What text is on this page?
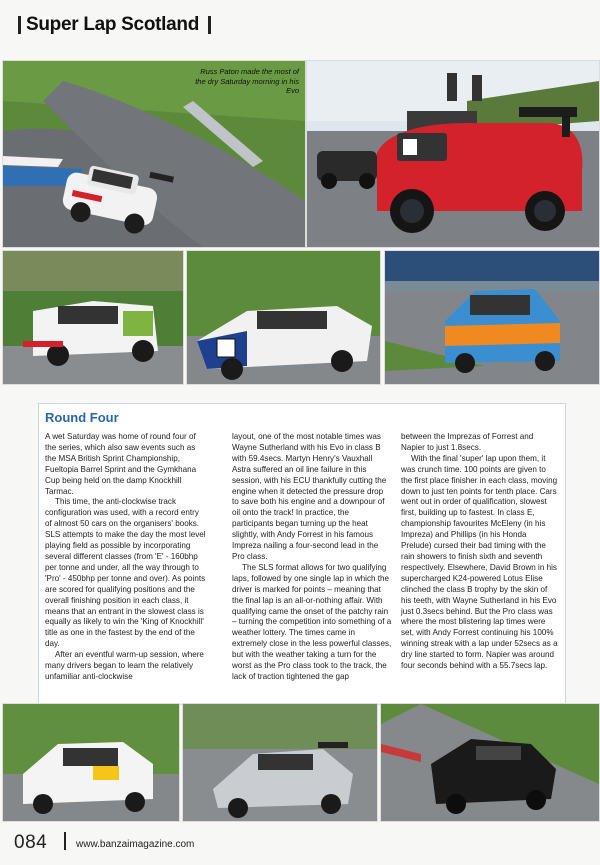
Super Lap Scotland
Russ Paton made the most of the dry Saturday morning in his Evo
Round Four

A wet Saturday was home of round four of the series, which also saw events such as the MSA British Sprint Championship, Fueltopia Barrel Sprint and the Gymkhana Cup being held on the damp Knockhill Tarmac.

This time, the anti-clockwise track configuration was used, with a record entry of almost 50 cars on the organisers' books. SLS attempts to make the day the most level playing field as possible by incorporating several different classes (from 'E' - 160bhp per tonne and under, all the way through to 'Pro' - 450bhp per tonne and over). As points are scored for qualifying positions and the overall finishing position in each class, it means that an entrant in the slowest class is equally as likely to win the 'King of Knockhill' title as one in the fastest by the end of the day.

After an eventful warm-up session, where many drivers began to learn the relatively unfamiliar anti-clockwise

layout, one of the most notable times was Wayne Sutherland with his Evo in class B with 59.4secs. Martyn Henry's Vauxhall Astra suffered an oil line failure in this session, with his ECU thankfully cutting the engine when it detected the pressure drop to save both his engine and a downpour of oil onto the track! In practice, the participants began turning up the heat slightly, with Andy Forrest in his famous Impreza nailing a four-second lead in the Pro class.

The SLS format allows for two qualifying laps, followed by one single lap in which the driver is marked for points – meaning that the final lap is an all-or-nothing affair. With qualifying came the onset of the patchy rain – turning the competition into something of a weather lottery. The times came in extremely close in the less powerful classes, but with the weather taking a turn for the worst as the Pro class took to the track, the lack of traction tightened the gap

between the Imprezas of Forrest and Napier to just 1.8secs.

With the final 'super' lap upon them, it was crunch time. 100 points are given to the first place finisher in each class, moving down to just ten points for tenth place. Cars went out in order of qualification, slowest first, building up to fastest. In class E, championship favourites McEleny (in his Impreza) and Phillips (in his Honda Prelude) cursed their bad timing with the rain showers to finish sixth and seventh respectively. Elsewhere, David Brown in his supercharged K24-powered Lotus Elise clinched the class B trophy by the skin of his teeth, with Wayne Sutherland in his Evo just 0.3secs behind. But the Pro class was where the most blistering lap times were set, with Andy Forrest continuing his 100% winning streak with a lap under 52secs as a dry line started to form. Napier was around four seconds behind with a 55.7secs lap.

084	www.banzaimagazine.com
